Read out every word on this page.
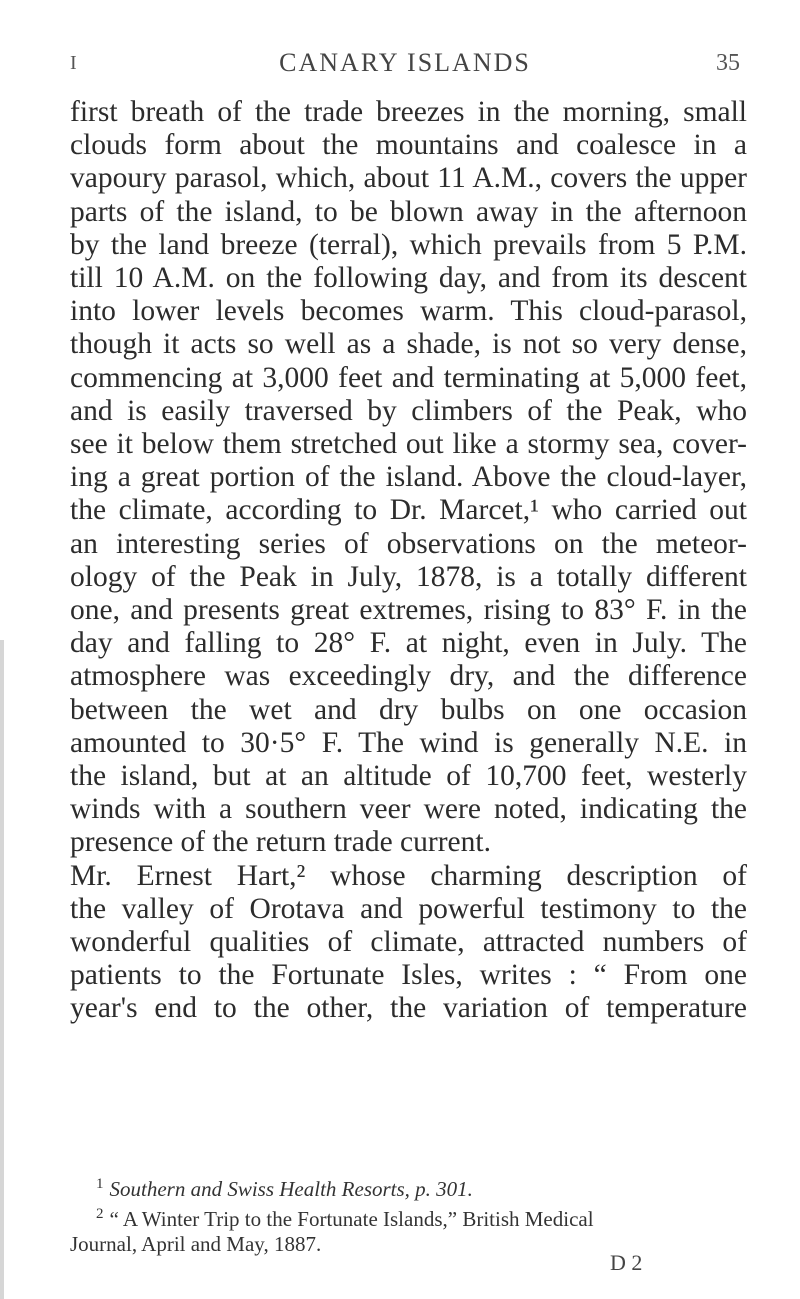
I	CANARY ISLANDS	35

first breath of the trade breezes in the morning, small
clouds form about the mountains and coalesce in a
vapoury parasol, which, about 11 A.M., covers the upper
parts of the island, to be blown away in the afternoon
by the land breeze (terral), which prevails from 5 P.M.
till 10 A.M. on the following day, and from its descent
into lower levels becomes warm. This cloud-parasol,
though it acts so well as a shade, is not so very dense,
commencing at 3,000 feet and terminating at 5,000 feet,
and is easily traversed by climbers of the Peak, who
see it below them stretched out like a stormy sea, cover-
ing a great portion of the island. Above the cloud-layer,
the climate, according to Dr. Marcet,¹ who carried out
an interesting series of observations on the meteor-
ology of the Peak in July, 1878, is a totally different
one, and presents great extremes, rising to 83° F. in the
day and falling to 28° F. at night, even in July. The
atmosphere was exceedingly dry, and the difference
between the wet and dry bulbs on one occasion
amounted to 30·5° F. The wind is generally N.E. in
the island, but at an altitude of 10,700 feet, westerly
winds with a southern veer were noted, indicating the
presence of the return trade current.

Mr. Ernest Hart,² whose charming description of
the valley of Orotava and powerful testimony to the
wonderful qualities of climate, attracted numbers of
patients to the Fortunate Isles, writes : “ From one
year's end to the other, the variation of temperature

$^1$ Southern and Swiss Health Resorts, p. 301.
$^2$ “ A Winter Trip to the Fortunate Islands,” British Medical
Journal, April and May, 1887.
D 2
